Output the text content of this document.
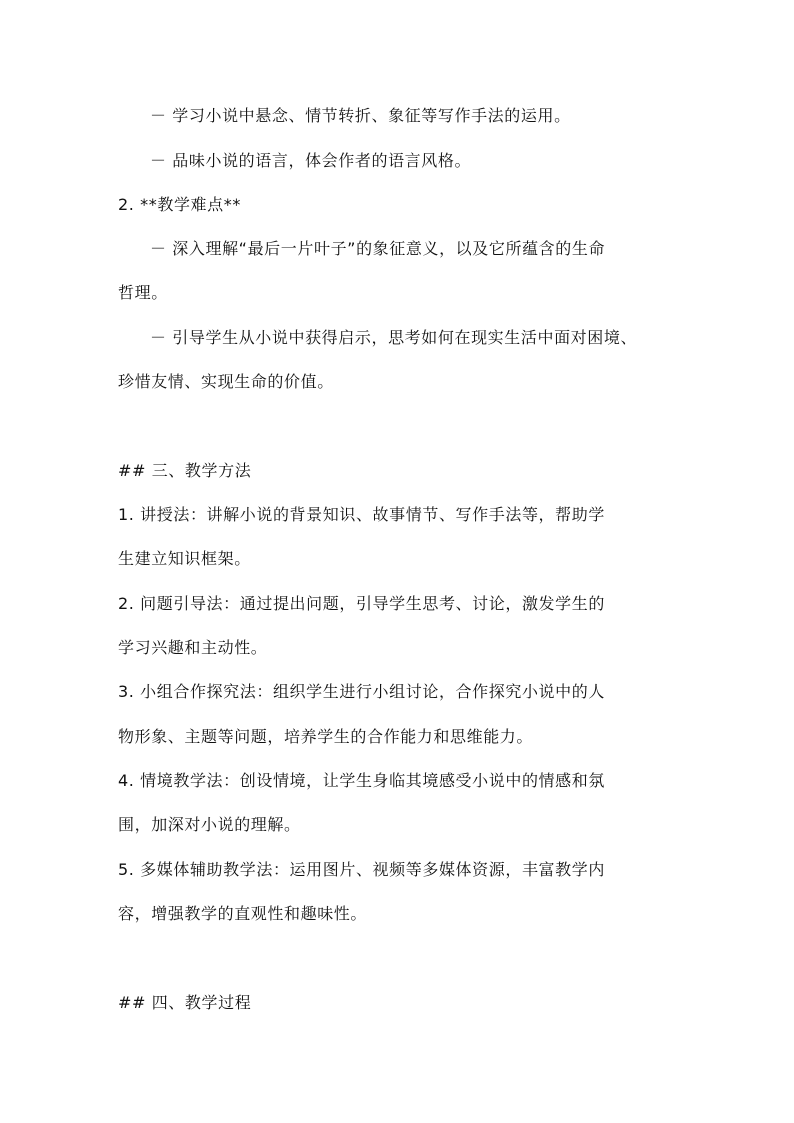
－ 学习小说中悬念、情节转折、象征等写作手法的运用。
－ 品味小说的语言，体会作者的语言风格。
2. **教学难点**
－ 深入理解“最后一片叶子”的象征意义，以及它所蕴含的生命
哲理。
－ 引导学生从小说中获得启示，思考如何在现实生活中面对困境、
珍惜友情、实现生命的价值。
## 三、教学方法
1. 讲授法：讲解小说的背景知识、故事情节、写作手法等，帮助学
生建立知识框架。
2. 问题引导法：通过提出问题，引导学生思考、讨论，激发学生的
学习兴趣和主动性。
3. 小组合作探究法：组织学生进行小组讨论，合作探究小说中的人
物形象、主题等问题，培养学生的合作能力和思维能力。
4. 情境教学法：创设情境，让学生身临其境感受小说中的情感和氛
围，加深对小说的理解。
5. 多媒体辅助教学法：运用图片、视频等多媒体资源，丰富教学内
容，增强教学的直观性和趣味性。
## 四、教学过程
